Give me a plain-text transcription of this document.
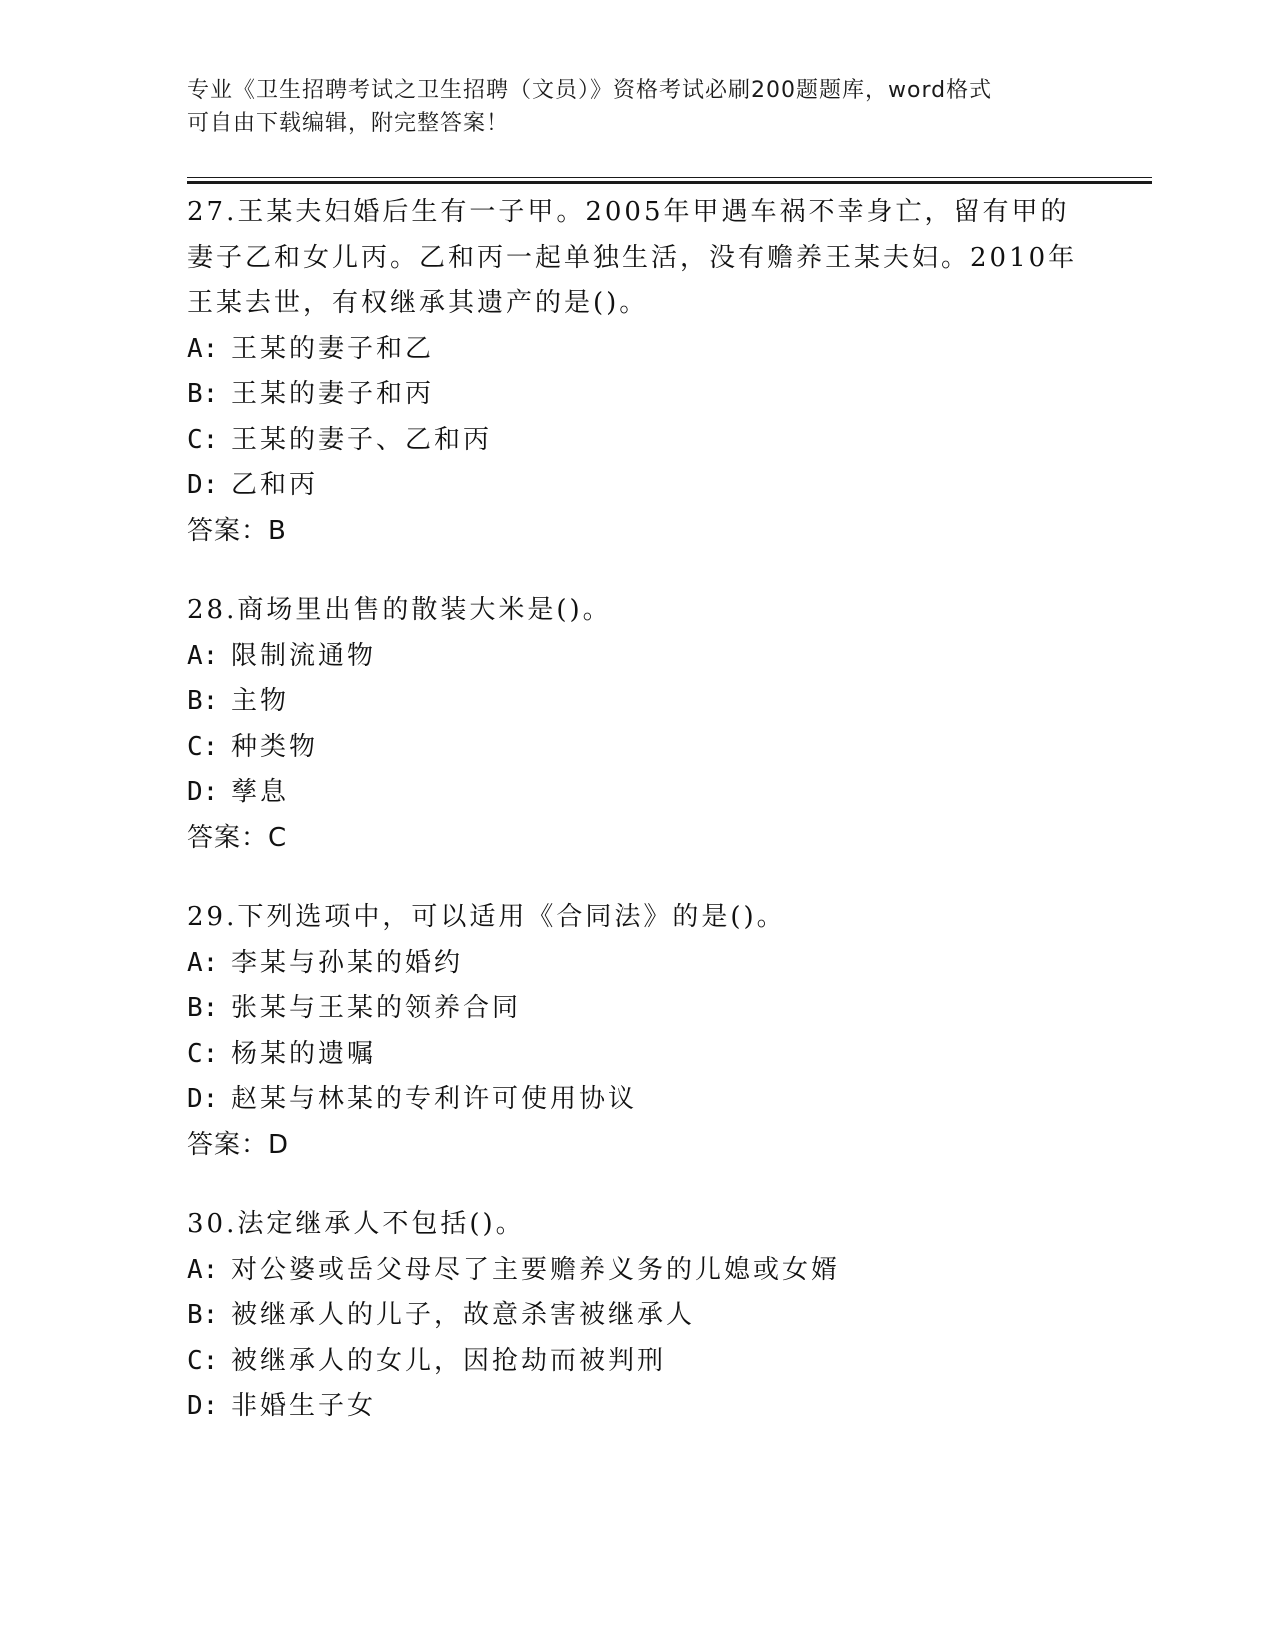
专业《卫生招聘考试之卫生招聘（文员）》资格考试必刷200题题库，word格式
可自由下载编辑，附完整答案！

27.王某夫妇婚后生有一子甲。2005年甲遇车祸不幸身亡，留有甲的妻子乙和女儿丙。乙和丙一起单独生活，没有赡养王某夫妇。2010年王某去世，有权继承其遗产的是()。

A: 王某的妻子和乙
B: 王某的妻子和丙
C: 王某的妻子、乙和丙
D: 乙和丙

答案：B

28.商场里出售的散装大米是()。

A: 限制流通物
B: 主物
C: 种类物
D: 孳息

答案：C

29.下列选项中，可以适用《合同法》的是()。

A: 李某与孙某的婚约
B: 张某与王某的领养合同
C: 杨某的遗嘱
D: 赵某与林某的专利许可使用协议

答案：D

30.法定继承人不包括()。

A: 对公婆或岳父母尽了主要赡养义务的儿媳或女婿
B: 被继承人的儿子，故意杀害被继承人
C: 被继承人的女儿，因抢劫而被判刑
D: 非婚生子女
